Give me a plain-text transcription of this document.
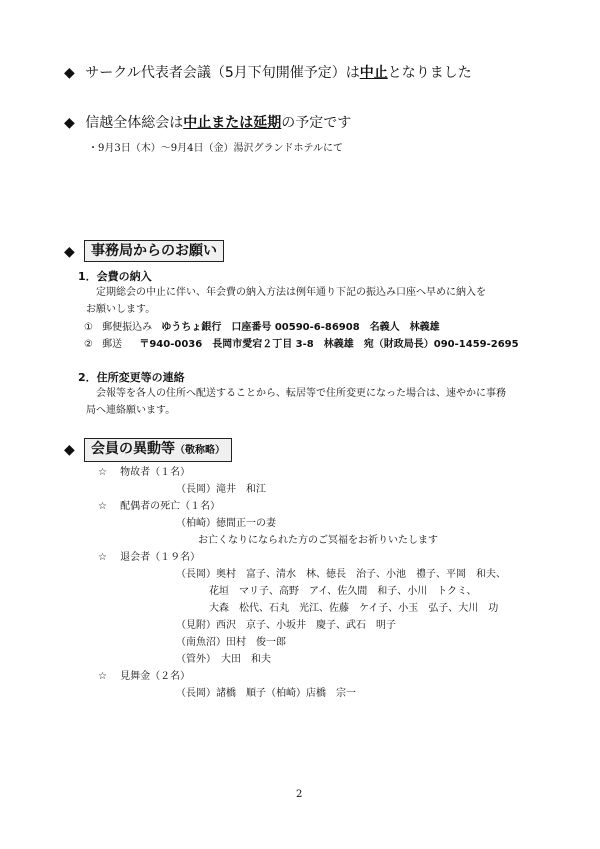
◆ サークル代表者会議（5月下旬開催予定）は中止となりました
◆ 信越全体総会は中止または延期の予定です
・9月3日（木）～9月4日（金）湯沢グランドホテルにて
◆	事務局からのお願い
1．会費の納入
定期総会の中止に伴い、年会費の納入方法は例年通り下記の振込み口座へ早めに納入を
お願いします。
① 郵便振込み ゆうちょ銀行　口座番号 00590-6-86908　名義人　林義雄
② 郵送 〒940-0036　長岡市愛宕２丁目 3-8　林義雄　宛（財政局長）090‐1459‐2695
2．住所変更等の連絡
会報等を各人の住所へ配送することから、転居等で住所変更になった場合は、速やかに事務
局へ連絡願います。
◆	会員の異動等（敬称略）
☆ 物故者（１名）
（長岡）滝井　和江
☆ 配偶者の死亡（１名）
（柏崎）徳間正一の妻
お亡くなりになられた方のご冥福をお祈りいたします
☆ 退会者（１９名）
（長岡）奥村　富子、清水　林、徳長　治子、小池　禮子、平岡　和夫、
花垣　マリ子、高野　アイ、佐久間　和子、小川　トクミ、
大森　松代、石丸　光江、佐藤　ケイ子、小玉　弘子、大川　功
（見附）西沢　京子、小坂井　慶子、武石　明子
（南魚沼）田村　俊一郎
（管外）　大田　和夫
☆ 見舞金（２名）
（長岡）諸橋　順子（柏崎）店橋　宗一
2
